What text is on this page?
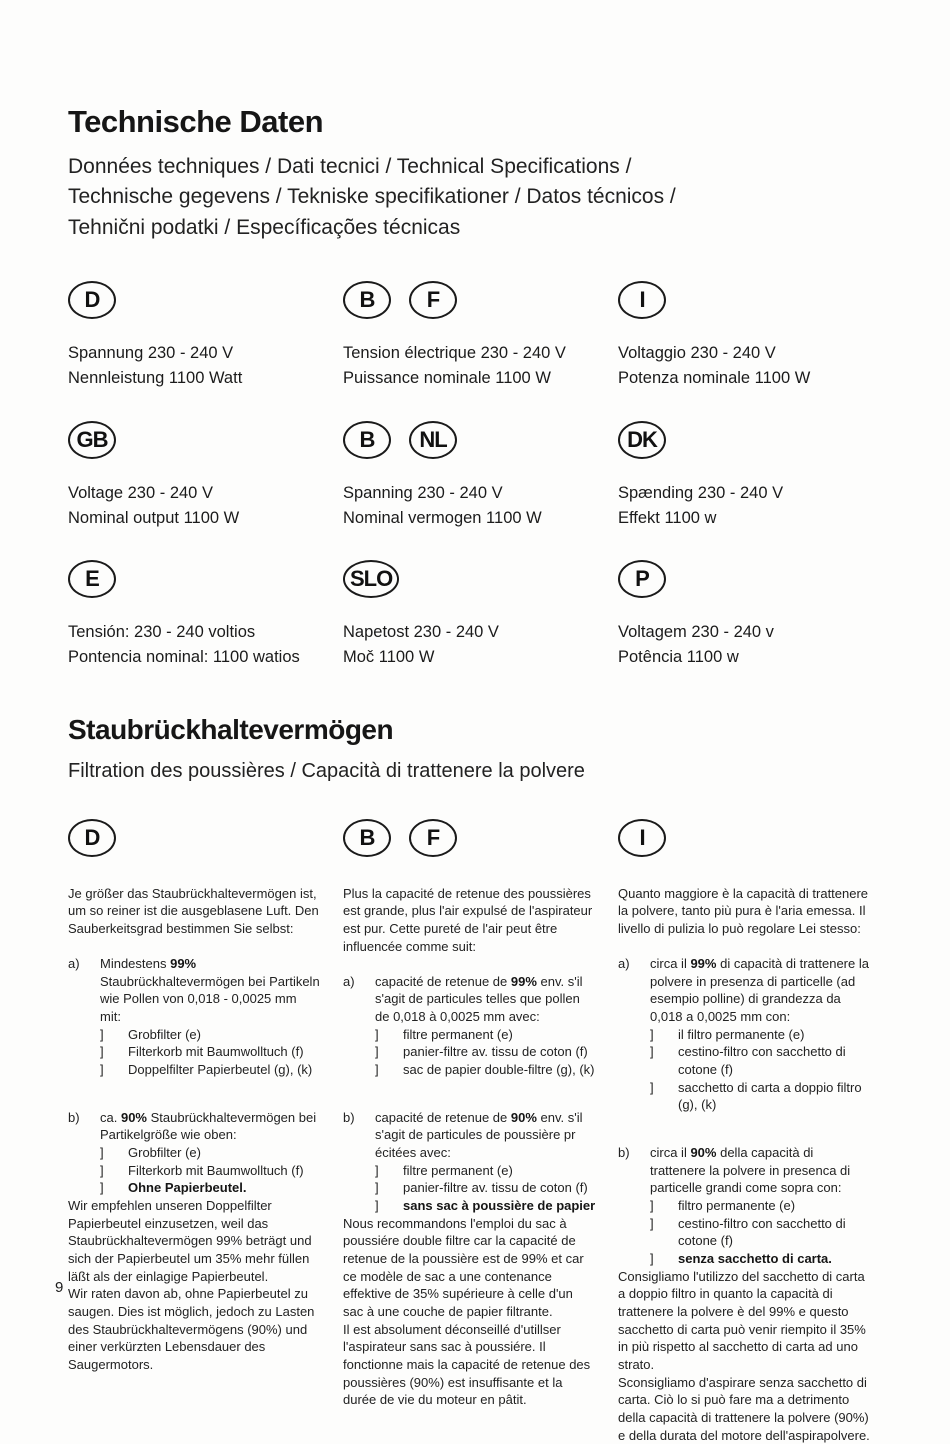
Technische Daten
Données techniques / Dati tecnici / Technical Specifications /
Technische gegevens / Tekniske specifikationer / Datos técnicos /
Tehnični podatki / Específicações técnicas
D
Spannung 230 - 240 V
Nennleistung 1100 Watt
B F
Tension électrique 230 - 240 V
Puissance nominale 1100 W
I
Voltaggio 230 - 240 V
Potenza nominale 1100 W
GB
Voltage 230 - 240 V
Nominal output 1100 W
B NL
Spanning 230 - 240 V
Nominal vermogen 1100 W
DK
Spænding 230 - 240 V
Effekt 1100 w
E
Tensión: 230 - 240 voltios
Pontencia nominal: 1100 watios
SLO
Napetost 230 - 240 V
Moč 1100 W
P
Voltagem 230 - 240 v
Potência 1100 w
Staubrückhaltevermögen
Filtration des poussières / Capacità di trattenere la polvere
D	B F	I

Je größer das Staubrückhaltevermögen ist, um so reiner ist die ausgeblasene Luft. Den Sauberkeitsgrad bestimmen Sie selbst:

a)	Mindestens 99% Staubrückhaltevermögen bei Partikeln wie Pollen von 0,018 - 0,0025 mm mit:
]	Grobfilter (e)
]	Filterkorb mit Baumwolltuch (f)
]	Doppelfilter Papierbeutel (g), (k)
b)	ca. 90% Staubrückhaltevermögen bei Partikelgröße wie oben:
]	Grobfilter (e)
]	Filterkorb mit Baumwolltuch (f)
]	Ohne Papierbeutel.

Wir empfehlen unseren Doppelfilter Papierbeutel einzusetzen, weil das Staubrückhaltevermögen 99% beträgt und sich der Papierbeutel um 35% mehr füllen läßt als der einlagige Papierbeutel.

Wir raten davon ab, ohne Papierbeutel zu saugen. Dies ist möglich, jedoch zu Lasten des Staubrückhaltevermögens (90%) und einer verkürzten Lebensdauer des Saugermotors.

Plus la capacité de retenue des poussières est grande, plus l'air expulsé de l'aspirateur est pur. Cette pureté de l'air peut être influencée comme suit:

a)	capacité de retenue de 99% env. s'il s'agit de particules telles que pollen de 0,018 à 0,0025 mm avec:
]	filtre permanent (e)
]	panier-filtre av. tissu de coton (f)
]	sac de papier double-filtre (g), (k)
b)	capacité de retenue de 90% env. s'il s'agit de particules de poussière pr écitées avec:
]	filtre permanent (e)
]	panier-filtre av. tissu de coton (f)
]	sans sac à poussière de papier

Nous recommandons l'emploi du sac à poussiére double filtre car la capacité de retenue de la poussière est de 99% et car ce modèle de sac a une contenance effektive de 35% supérieure à celle d'un sac à une couche de papier filtrante.

Il est absolument déconseillé d'utillser l'aspirateur sans sac à poussiére. Il fonctionne mais la capacité de retenue des poussières (90%) est insuffisante et la durée de vie du moteur en pâtit.

Quanto maggiore è la capacità di trattenere la polvere, tanto più pura è l'aria emessa. Il livello di pulizia lo può regolare Lei stesso:

a)	circa il 99% di capacità di trattenere la polvere in presenza di particelle (ad esempio polline) di grandezza da 0,018 a 0,0025 mm con:
]	il filtro permanente (e)
]	cestino-filtro con sacchetto di cotone (f)
]	sacchetto di carta a doppio filtro (g), (k)
b)	circa il 90% della capacità di trattenere la polvere in presenca di particelle grandi come sopra con:
]	filtro permanente (e)
]	cestino-filtro con sacchetto di cotone (f)
]	senza sacchetto di carta.

Consigliamo l'utilizzo del sacchetto di carta a doppio filtro in quanto la capacità di trattenere la polvere è del 99% e questo sacchetto di carta può venir riempito il 35% in più rispetto al sacchetto di carta ad uno strato.

Sconsigliamo d'aspirare senza sacchetto di carta. Ciò lo si può fare ma a detrimento della capacità di trattenere la polvere (90%) e della durata del motore dell'aspirapolvere.

9
